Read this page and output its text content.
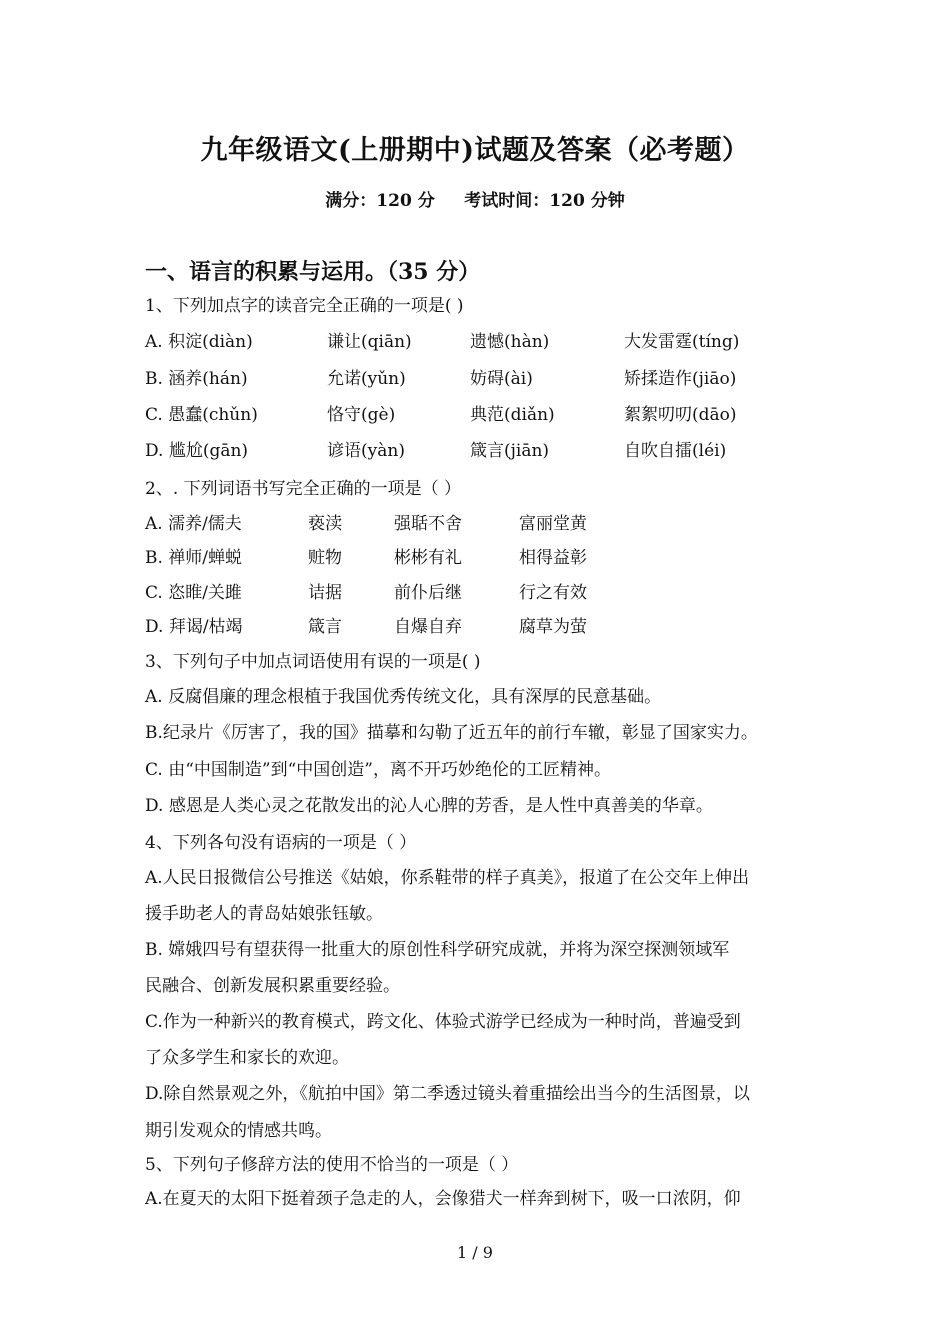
九年级语文(上册期中)试题及答案（必考题）
满分：120 分     考试时间：120 分钟
一、语言的积累与运用。（35 分）
1、下列加点字的读音完全正确的一项是( )
A. 积淀(diàn)	谦让(qiān)	遗憾(hàn)	大发雷霆(tíng)
B. 涵养(hán)	允诺(yǔn)	妨碍(ài)	矫揉造作(jiāo)
C. 愚蠢(chǔn)	恪守(gè)	典范(diǎn)	絮絮叨叨(dāo)
D. 尴尬(gān)	谚语(yàn)	箴言(jiān)	自吹自擂(léi)
2、. 下列词语书写完全正确的一项是（ ）
A. 濡养/儒夫	亵渎	强聒不舍	富丽堂黄
B. 禅师/蝉蜕	赃物	彬彬有礼	相得益彰
C. 恣睢/关雎	诘据	前仆后继	行之有效
D. 拜谒/枯竭	箴言	自爆自弃	腐草为萤
3、下列句子中加点词语使用有误的一项是( )
A. 反腐倡廉的理念根植于我国优秀传统文化，具有深厚的民意基础。
B.纪录片《厉害了，我的国》描摹和勾勒了近五年的前行车辙，彰显了国家实力。
C. 由“中国制造”到“中国创造”，离不开巧妙绝伦的工匠精神。
D. 感恩是人类心灵之花散发出的沁人心脾的芳香，是人性中真善美的华章。
4、下列各句没有语病的一项是（ ）
A.人民日报微信公号推送《姑娘，你系鞋带的样子真美》，报道了在公交年上伸出
援手助老人的青岛姑娘张钰敏。
B. 嫦娥四号有望获得一批重大的原创性科学研究成就，并将为深空探测领域军
民融合、创新发展积累重要经验。
C.作为一种新兴的教育模式，跨文化、体验式游学已经成为一种时尚，普遍受到
了众多学生和家长的欢迎。
D.除自然景观之外，《航拍中国》第二季透过镜头着重描绘出当今的生活图景，以
期引发观众的情感共鸣。
5、下列句子修辞方法的使用不恰当的一项是（ ）
A.在夏天的太阳下挺着颈子急走的人，会像猎犬一样奔到树下，吸一口浓阴，仰
1 / 9
